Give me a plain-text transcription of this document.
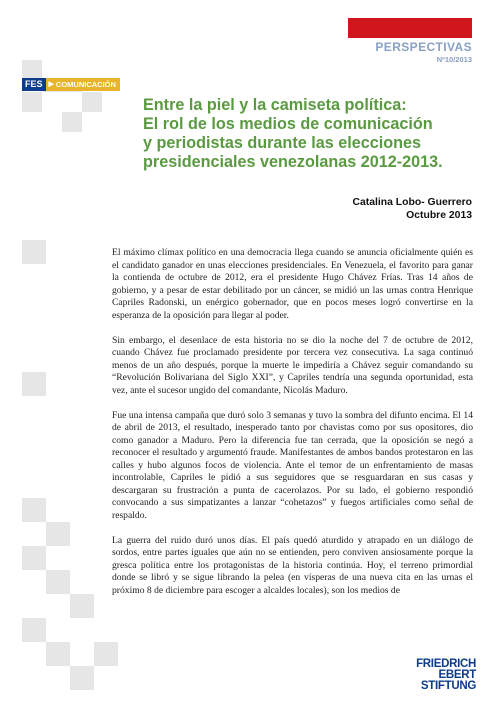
PERSPECTIVAS
Nº10/2013
FES ▶ COMUNICACIÓN
Entre la piel y la camiseta política:
El rol de los medios de comunicación
y periodistas durante las elecciones
presidenciales venezolanas 2012-2013.
Catalina Lobo- Guerrero
Octubre 2013

El máximo clímax político en una democracia llega cuando se anuncia oficialmente quién es el candidato ganador en unas elecciones presidenciales. En Venezuela, el favorito para ganar la contienda de octubre de 2012, era el presidente Hugo Chávez Frías. Tras 14 años de gobierno, y a pesar de estar debilitado por un cáncer, se midió un las urnas contra Henrique Capriles Radonski, un enérgico gobernador, que en pocos meses logró convertirse en la esperanza de la oposición para llegar al poder.

Sin embargo, el desenlace de esta historia no se dio la noche del 7 de octubre de 2012, cuando Chávez fue proclamado presidente por tercera vez consecutiva. La saga continuó menos de un año después, porque la muerte le impediría a Chávez seguir comandando su “Revolución Bolivariana del Siglo XXI”, y Capriles tendría una segunda oportunidad, esta vez, ante el sucesor ungido del comandante, Nicolás Maduro.

Fue una intensa campaña que duró solo 3 semanas y tuvo la sombra del difunto encima. El 14 de abril de 2013, el resultado, inesperado tanto por chavistas como por sus opositores, dio como ganador a Maduro. Pero la diferencia fue tan cerrada, que la oposición se negó a reconocer el resultado y argumentó fraude. Manifestantes de ambos bandos protestaron en las calles y hubo algunos focos de violencia. Ante el temor de un enfrentamiento de masas incontrolable, Capriles le pidió a sus seguidores que se resguardaran en sus casas y descargaran su frustración a punta de cacerolazos. Por su lado, el gobierno respondió convocando a sus simpatizantes a lanzar “cohetazos” y fuegos artificiales como señal de respaldo.

La guerra del ruido duró unos días. El país quedó aturdido y atrapado en un diálogo de sordos, entre partes iguales que aún no se entienden, pero conviven ansiosamente porque la gresca política entre los protagonistas de la historia continúa. Hoy, el terreno primordial donde se libró y se sigue librando la pelea (en vísperas de una nueva cita en las urnas el próximo 8 de diciembre para escoger a alcaldes locales), son los medios de

FRIEDRICH
EBERT
STIFTUNG
